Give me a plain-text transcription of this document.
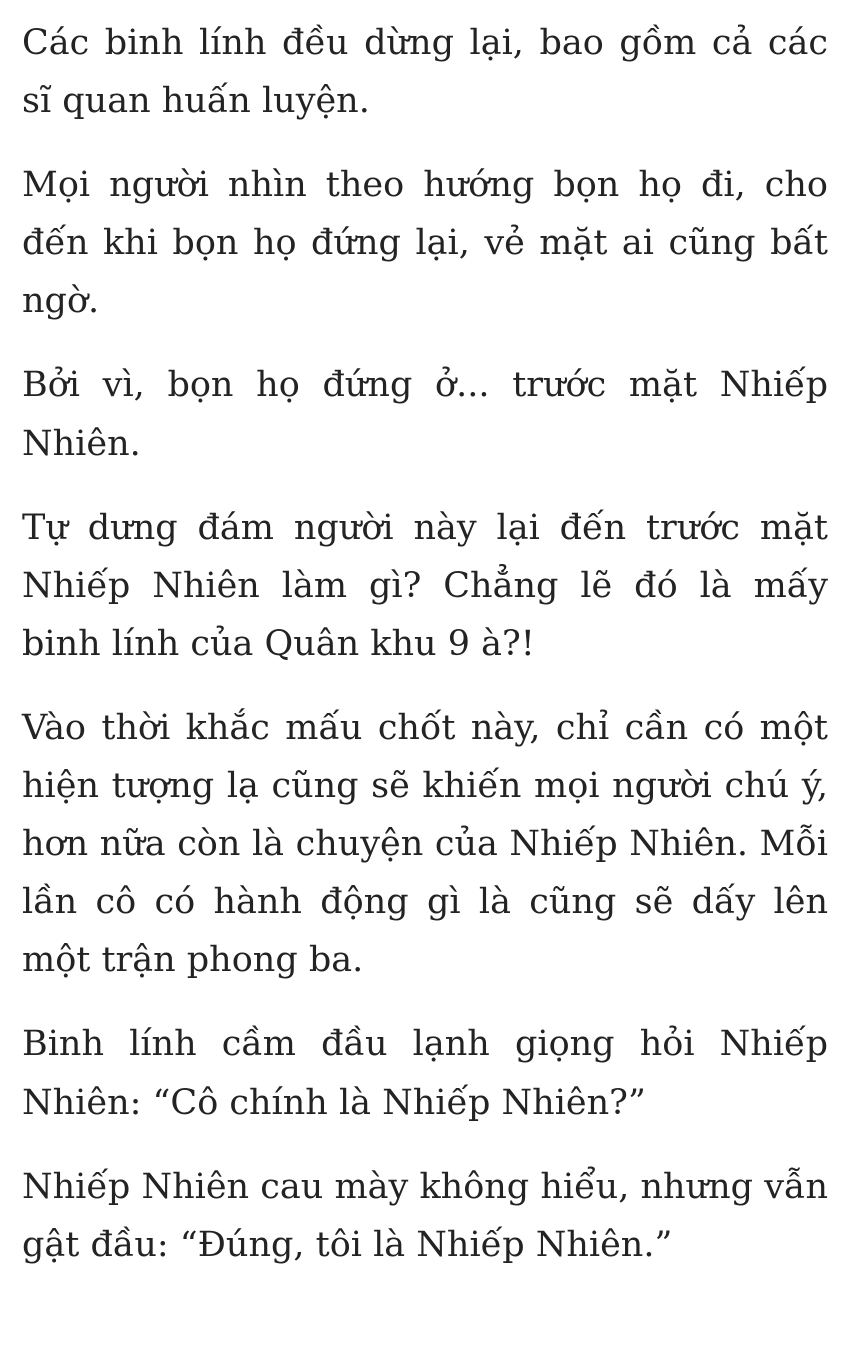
Các binh lính đều dừng lại, bao gồm cả các sĩ quan huấn luyện.

Mọi người nhìn theo hướng bọn họ đi, cho đến khi bọn họ đứng lại, vẻ mặt ai cũng bất ngờ.

Bởi vì, bọn họ đứng ở... trước mặt Nhiếp Nhiên.

Tự dưng đám người này lại đến trước mặt Nhiếp Nhiên làm gì? Chẳng lẽ đó là mấy binh lính của Quân khu 9 à?!

Vào thời khắc mấu chốt này, chỉ cần có một hiện tượng lạ cũng sẽ khiến mọi người chú ý, hơn nữa còn là chuyện của Nhiếp Nhiên. Mỗi lần cô có hành động gì là cũng sẽ dấy lên một trận phong ba.

Binh lính cầm đầu lạnh giọng hỏi Nhiếp Nhiên: “Cô chính là Nhiếp Nhiên?”

Nhiếp Nhiên cau mày không hiểu, nhưng vẫn gật đầu: “Đúng, tôi là Nhiếp Nhiên.”
